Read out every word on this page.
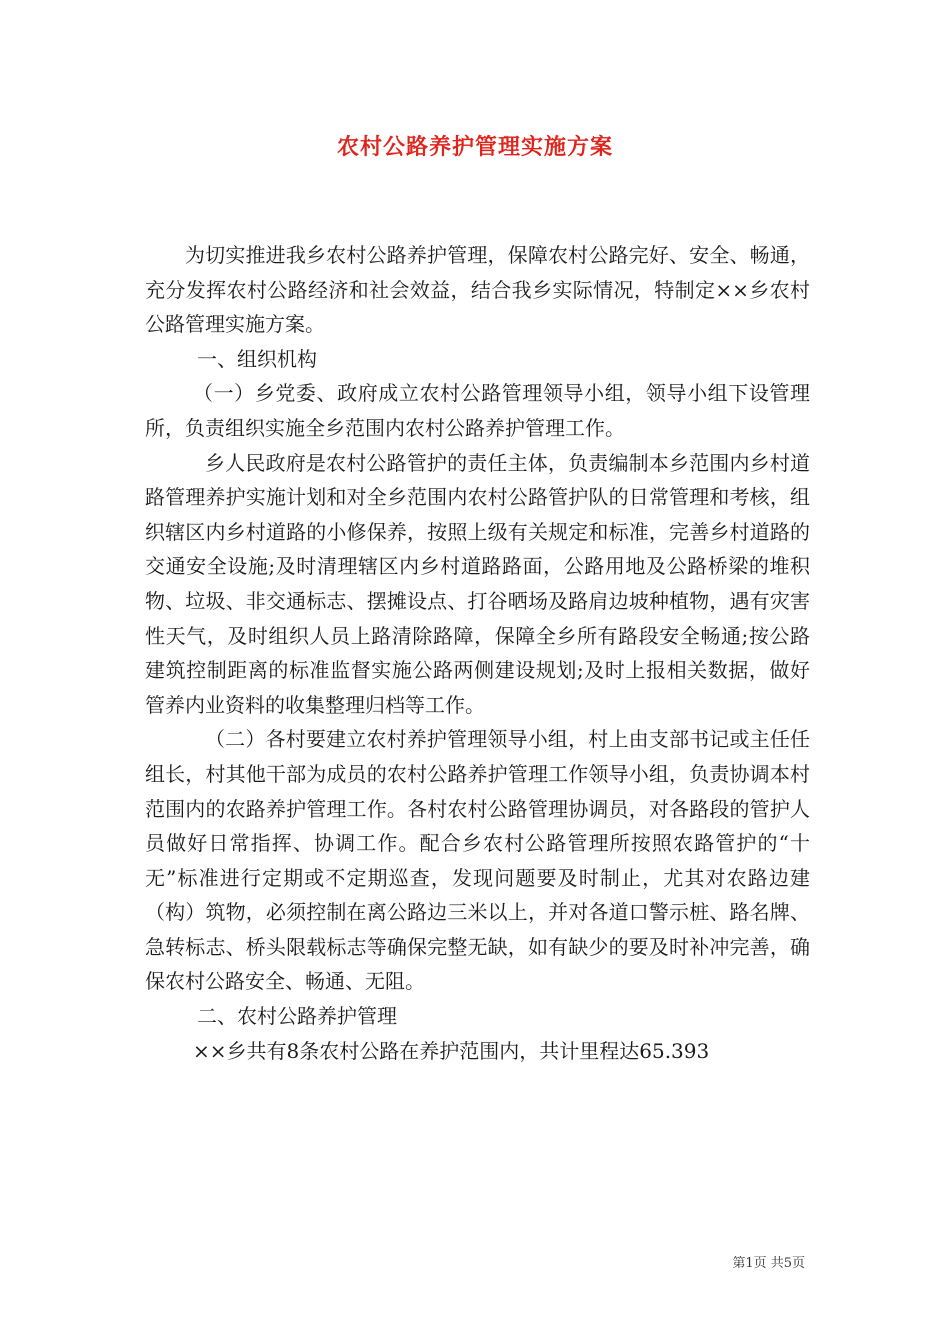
农村公路养护管理实施方案

为切实推进我乡农村公路养护管理，保障农村公路完好、安全、畅通，充分发挥农村公路经济和社会效益，结合我乡实际情况，特制定××乡农村公路管理实施方案。

一、组织机构

（一）乡党委、政府成立农村公路管理领导小组，领导小组下设管理所，负责组织实施全乡范围内农村公路养护管理工作。

乡人民政府是农村公路管护的责任主体，负责编制本乡范围内乡村道路管理养护实施计划和对全乡范围内农村公路管护队的日常管理和考核，组织辖区内乡村道路的小修保养，按照上级有关规定和标准，完善乡村道路的交通安全设施;及时清理辖区内乡村道路路面，公路用地及公路桥梁的堆积物、垃圾、非交通标志、摆摊设点、打谷晒场及路肩边坡种植物，遇有灾害性天气，及时组织人员上路清除路障，保障全乡所有路段安全畅通;按公路建筑控制距离的标准监督实施公路两侧建设规划;及时上报相关数据，做好管养内业资料的收集整理归档等工作。

（二）各村要建立农村养护管理领导小组，村上由支部书记或主任任组长，村其他干部为成员的农村公路养护管理工作领导小组，负责协调本村范围内的农路养护管理工作。各村农村公路管理协调员，对各路段的管护人员做好日常指挥、协调工作。配合乡农村公路管理所按照农路管护的“十无”标准进行定期或不定期巡查，发现问题要及时制止，尤其对农路边建（构）筑物，必须控制在离公路边三米以上，并对各道口警示桩、路名牌、急转标志、桥头限载标志等确保完整无缺，如有缺少的要及时补冲完善，确保农村公路安全、畅通、无阻。

二、农村公路养护管理

××乡共有8条农村公路在养护范围内，共计里程达65.393

第1页 共5页
